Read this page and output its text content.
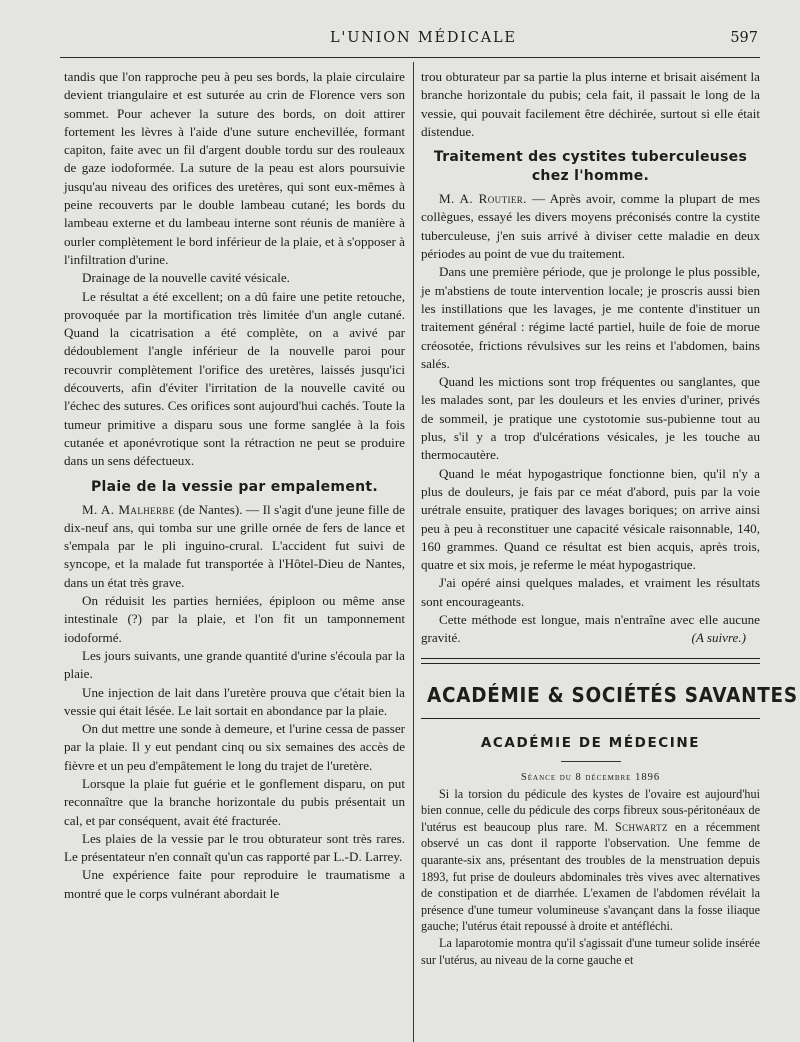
L'UNION MÉDICALE	597

tandis que l'on rapproche peu à peu ses bords, la plaie circulaire devient triangulaire et est suturée au crin de Florence vers son sommet. Pour achever la suture des bords, on doit attirer fortement les lèvres à l'aide d'une suture enchevillée, formant capiton, faite avec un fil d'argent double tordu sur des rouleaux de gaze iodoformée. La suture de la peau est alors poursuivie jusqu'au niveau des orifices des uretères, qui sont eux-mêmes à peine recouverts par le double lambeau cutané; les bords du lambeau externe et du lambeau interne sont réunis de manière à ourler complètement le bord inférieur de la plaie, et à s'opposer à l'infiltration d'urine.

Drainage de la nouvelle cavité vésicale.

Le résultat a été excellent; on a dû faire une petite retouche, provoquée par la mortification très limitée d'un angle cutané. Quand la cicatrisation a été complète, on a avivé par dédoublement l'angle inférieur de la nouvelle paroi pour recouvrir complètement l'orifice des uretères, laissés jusqu'ici découverts, afin d'éviter l'irritation de la nouvelle cavité ou l'échec des sutures. Ces orifices sont aujourd'hui cachés. Toute la tumeur primitive a disparu sous une forme sanglée à la fois cutanée et aponévrotique sont la rétraction ne peut se produire dans un sens défectueux.

Plaie de la vessie par empalement.

M. A. Malherbe (de Nantes). — Il s'agit d'une jeune fille de dix-neuf ans, qui tomba sur une grille ornée de fers de lance et s'empala par le pli inguino-crural. L'accident fut suivi de syncope, et la malade fut transportée à l'Hôtel-Dieu de Nantes, dans un état très grave.

On réduisit les parties herniées, épiploon ou même anse intestinale (?) par la plaie, et l'on fit un tamponnement iodoformé.

Les jours suivants, une grande quantité d'urine s'écoula par la plaie.

Une injection de lait dans l'uretère prouva que c'était bien la vessie qui était lésée. Le lait sortait en abondance par la plaie.

On dut mettre une sonde à demeure, et l'urine cessa de passer par la plaie. Il y eut pendant cinq ou six semaines des accès de fièvre et un peu d'empâtement le long du trajet de l'uretère.

Lorsque la plaie fut guérie et le gonflement disparu, on put reconnaître que la branche horizontale du pubis présentait un cal, et par conséquent, avait été fracturée.

Les plaies de la vessie par le trou obturateur sont très rares. Le présentateur n'en connaît qu'un cas rapporté par L.-D. Larrey.

Une expérience faite pour reproduire le traumatisme a montré que le corps vulnérant abordait le

trou obturateur par sa partie la plus interne et brisait aisément la branche horizontale du pubis; cela fait, il passait le long de la vessie, qui pouvait facilement être déchirée, surtout si elle était distendue.

Traitement des cystites tuberculeuses chez l'homme.

M. A. Routier. — Après avoir, comme la plupart de mes collègues, essayé les divers moyens préconisés contre la cystite tuberculeuse, j'en suis arrivé à diviser cette maladie en deux périodes au point de vue du traitement.

Dans une première période, que je prolonge le plus possible, je m'abstiens de toute intervention locale; je proscris aussi bien les instillations que les lavages, je me contente d'instituer un traitement général : régime lacté partiel, huile de foie de morue créosotée, frictions révulsives sur les reins et l'abdomen, bains salés.

Quand les mictions sont trop fréquentes ou sanglantes, que les malades sont, par les douleurs et les envies d'uriner, privés de sommeil, je pratique une cystotomie sus-pubienne tout au plus, s'il y a trop d'ulcérations vésicales, je les touche au thermocautère.

Quand le méat hypogastrique fonctionne bien, qu'il n'y a plus de douleurs, je fais par ce méat d'abord, puis par la voie urétrale ensuite, pratiquer des lavages boriques; on arrive ainsi peu à peu à reconstituer une capacité vésicale raisonnable, 140, 160 grammes. Quand ce résultat est bien acquis, après trois, quatre et six mois, je referme le méat hypogastrique.

J'ai opéré ainsi quelques malades, et vraiment les résultats sont encourageants.

Cette méthode est longue, mais n'entraîne avec elle aucune gravité.	(A suivre.)

ACADÉMIE & SOCIÉTÉS SAVANTES
ACADÉMIE DE MÉDECINE
Séance du 8 décembre 1896

Si la torsion du pédicule des kystes de l'ovaire est aujourd'hui bien connue, celle du pédicule des corps fibreux sous-péritonéaux de l'utérus est beaucoup plus rare. M. Schwartz en a récemment observé un cas dont il rapporte l'observation. Une femme de quarante-six ans, présentant des troubles de la menstruation depuis 1893, fut prise de douleurs abdominales très vives avec alternatives de constipation et de diarrhée. L'examen de l'abdomen révélait la présence d'une tumeur volumineuse s'avançant dans la fosse iliaque gauche; l'utérus était repoussé à droite et antéfléchi.

La laparotomie montra qu'il s'agissait d'une tumeur solide insérée sur l'utérus, au niveau de la corne gauche et
